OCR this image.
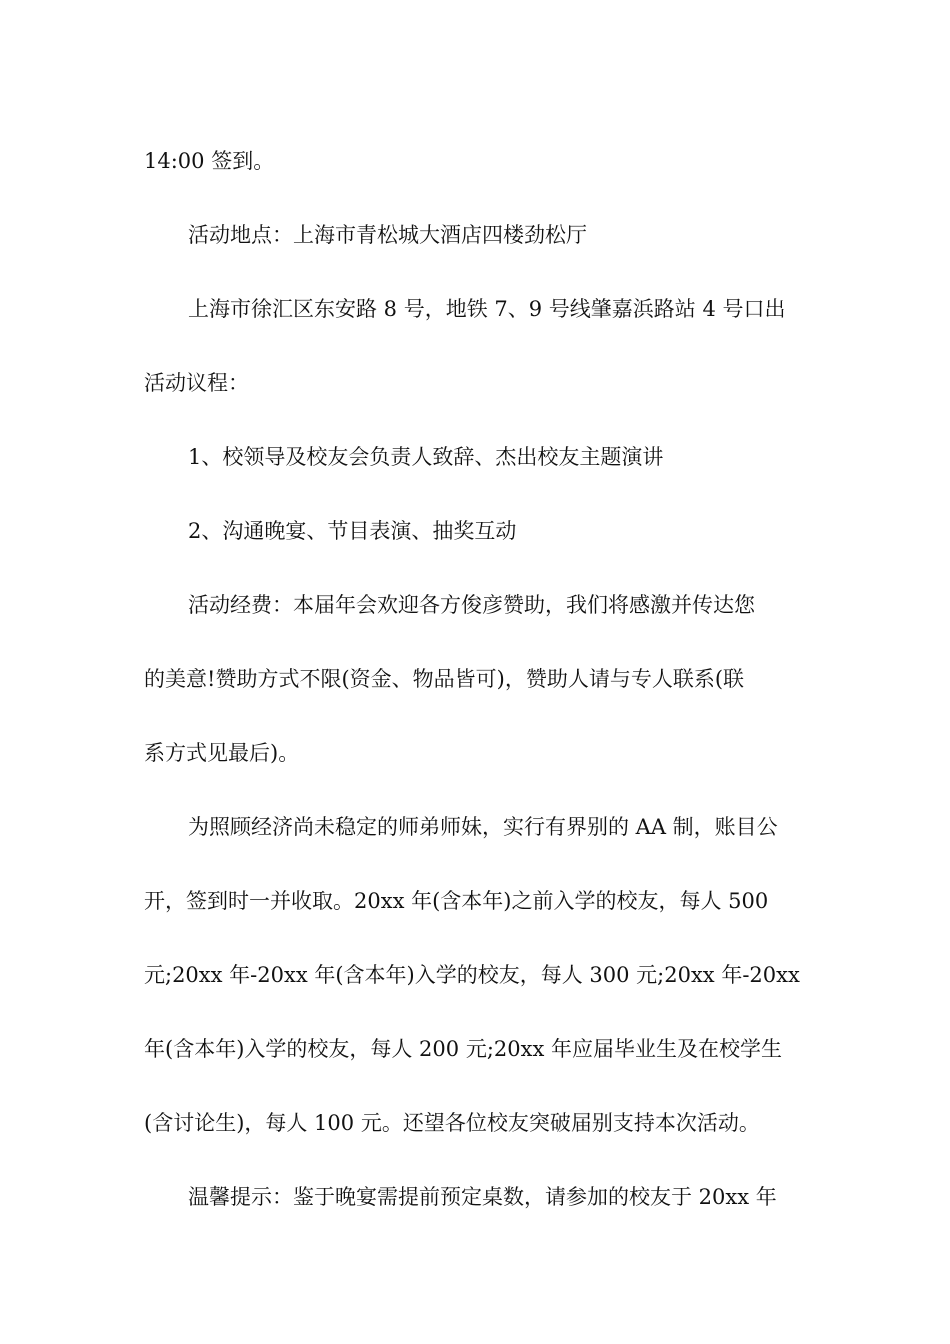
14:00 签到。
活动地点：上海市青松城大酒店四楼劲松厅
上海市徐汇区东安路 8 号，地铁 7、9 号线肇嘉浜路站 4 号口出
活动议程：
1、校领导及校友会负责人致辞、杰出校友主题演讲
2、沟通晚宴、节目表演、抽奖互动
活动经费：本届年会欢迎各方俊彦赞助，我们将感激并传达您
的美意!赞助方式不限(资金、物品皆可)，赞助人请与专人联系(联
系方式见最后)。
为照顾经济尚未稳定的师弟师妹，实行有界别的 AA 制，账目公
开，签到时一并收取。20xx 年(含本年)之前入学的校友，每人 500
元;20xx 年-20xx 年(含本年)入学的校友，每人 300 元;20xx 年-20xx
年(含本年)入学的校友，每人 200 元;20xx 年应届毕业生及在校学生
(含讨论生)，每人 100 元。还望各位校友突破届别支持本次活动。
温馨提示：鉴于晚宴需提前预定桌数，请参加的校友于 20xx 年
